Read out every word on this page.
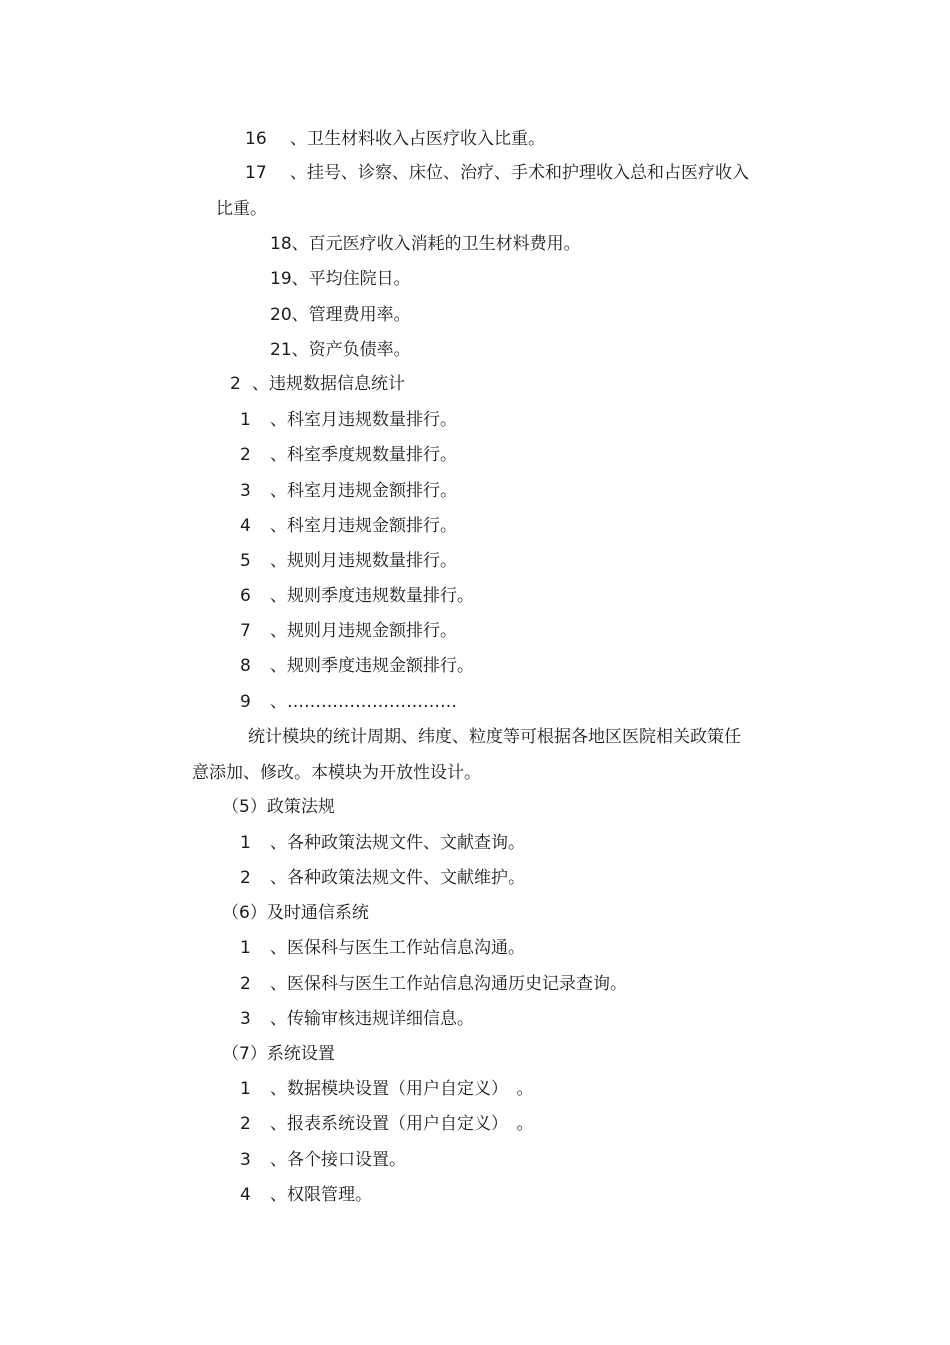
16 、卫生材料收入占医疗收入比重。
17 、挂号、诊察、床位、治疗、手术和护理收入总和占医疗收入
比重。
18、百元医疗收入消耗的卫生材料费用。
19、平均住院日。
20、管理费用率。
21、资产负债率。
2 、违规数据信息统计
1 、科室月违规数量排行。
2 、科室季度规数量排行。
3 、科室月违规金额排行。
4 、科室月违规金额排行。
5 、规则月违规数量排行。
6 、规则季度违规数量排行。
7 、规则月违规金额排行。
8 、规则季度违规金额排行。
9 、…………………………
统计模块的统计周期、纬度、粒度等可根据各地区医院相关政策任
意添加、修改。本模块为开放性设计。
（5）政策法规
1 、各种政策法规文件、文献查询。
2 、各种政策法规文件、文献维护。
（6）及时通信系统
1 、医保科与医生工作站信息沟通。
2 、医保科与医生工作站信息沟通历史记录查询。
3 、传输审核违规详细信息。
（7）系统设置
1 、数据模块设置（用户自定义）　。
2 、报表系统设置（用户自定义）　。
3 、各个接口设置。
4 、权限管理。
